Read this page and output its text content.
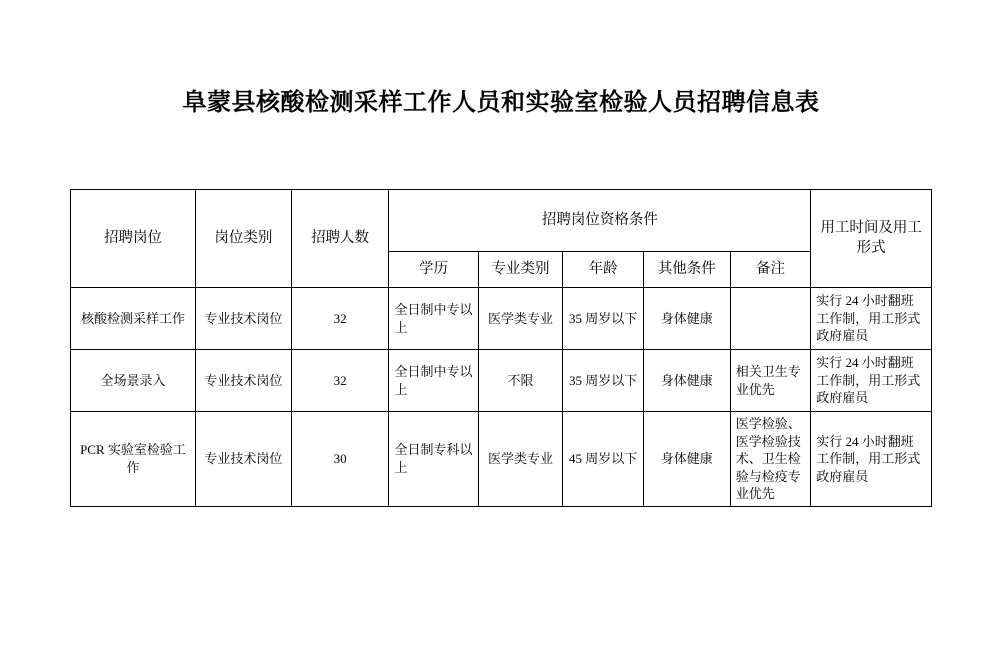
阜蒙县核酸检测采样工作人员和实验室检验人员招聘信息表
招聘岗位	岗位类别	招聘人数	招聘岗位资格条件					用工时间及用工形式
			学历	专业类别	年龄	其他条件	备注	
核酸检测采样工作	专业技术岗位	32	全日制中专以上	医学类专业	35 周岁以下	身体健康		实行 24 小时翻班工作制，用工形式政府雇员
全场景录入	专业技术岗位	32	全日制中专以上	不限	35 周岁以下	身体健康	相关卫生专业优先	实行 24 小时翻班工作制，用工形式政府雇员
PCR 实验室检验工作	专业技术岗位	30	全日制专科以上	医学类专业	45 周岁以下	身体健康	医学检验、医学检验技术、卫生检验与检疫专业优先	实行 24 小时翻班工作制，用工形式政府雇员
